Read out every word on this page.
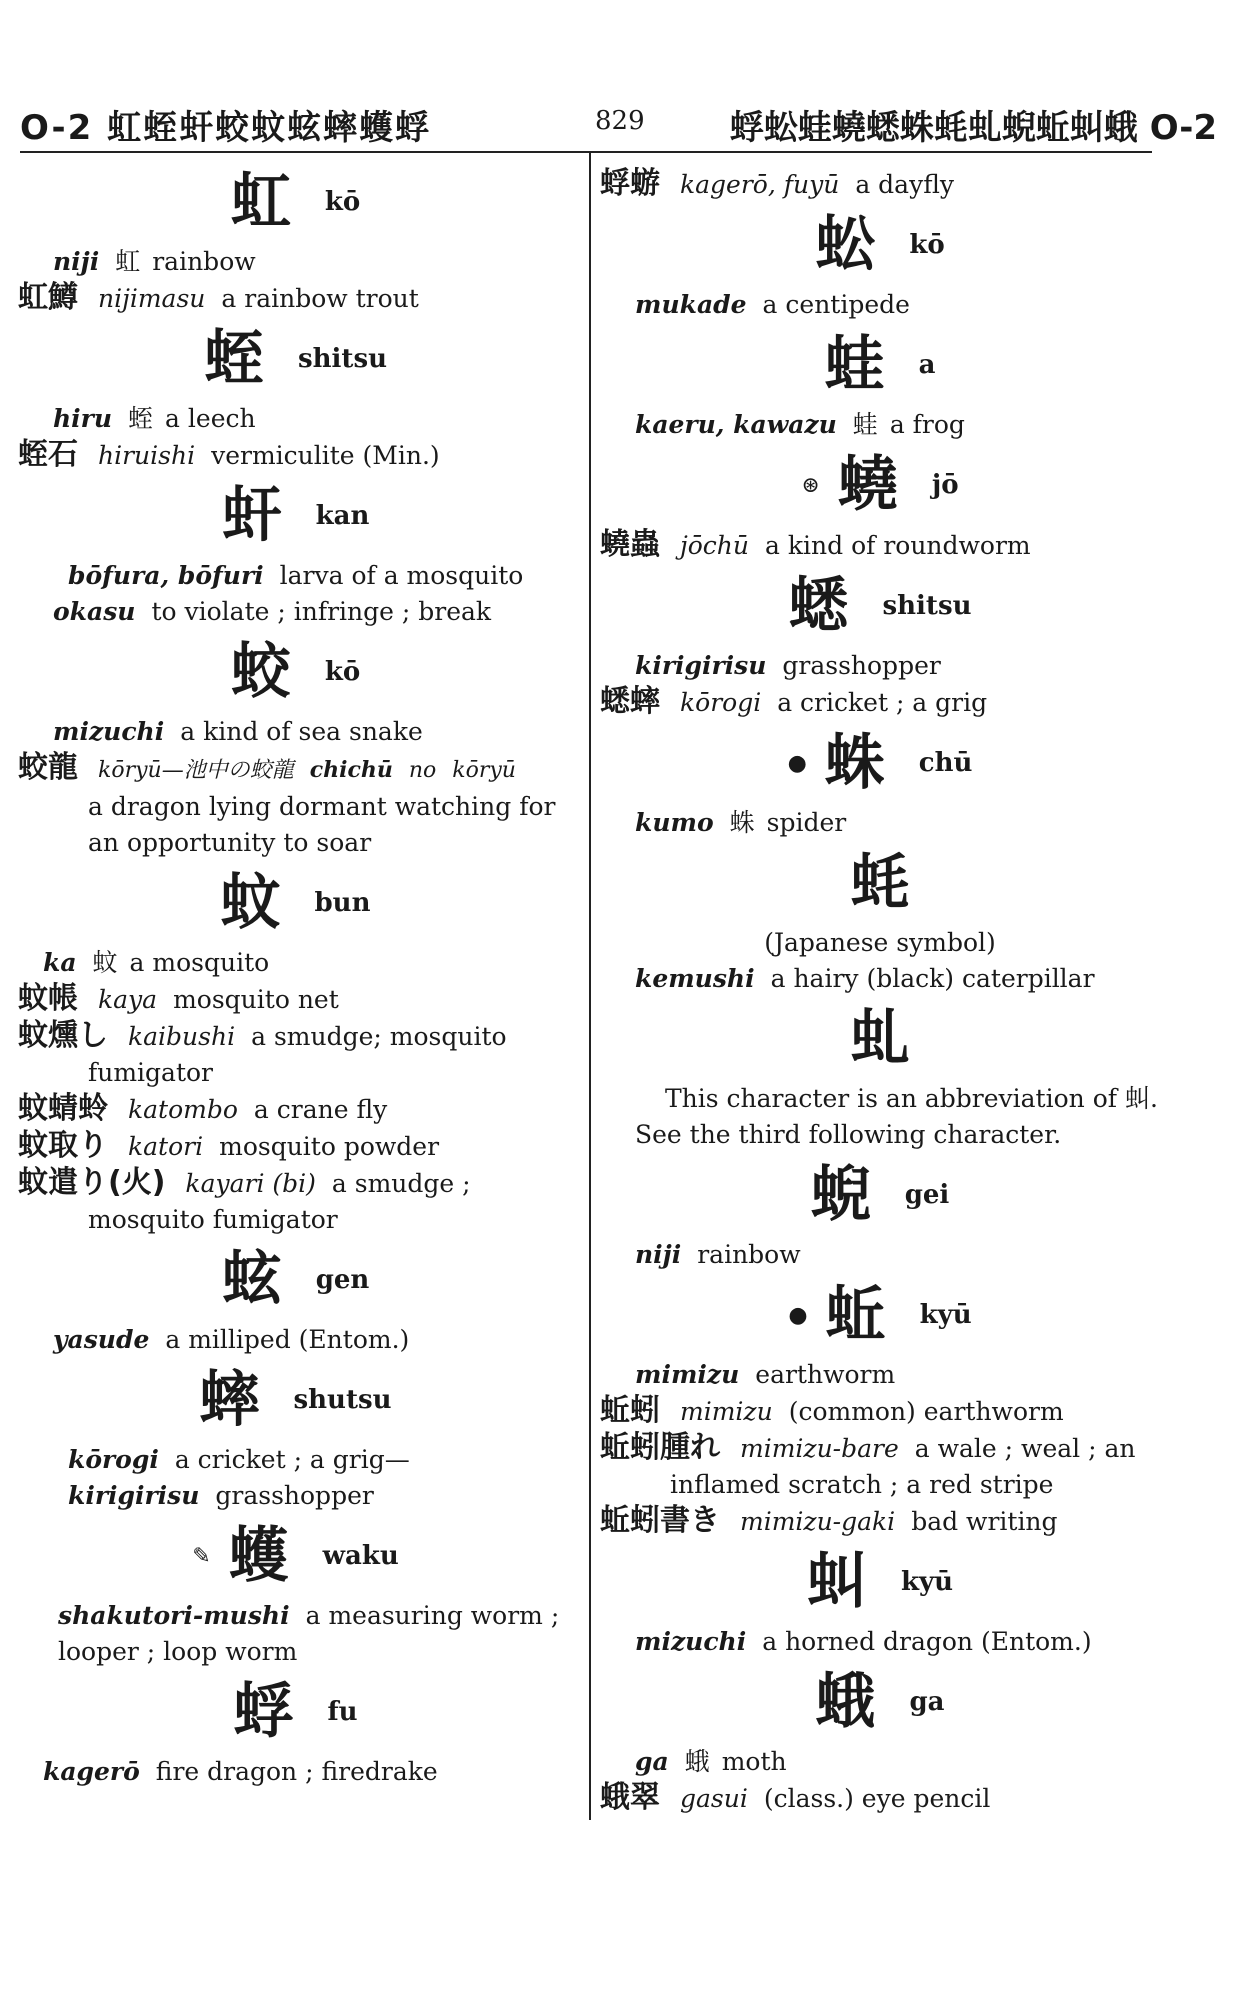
O-2 虹蛭虷蛟蚊蚿蟀蠖蜉	829	蜉蚣蛙蟯蟋蛛蚝虬蜺蚯虯蛾 O-2
虹 kō
niji 虹 rainbow
虹鱒 nijimasu a rainbow trout
蛭 shitsu
hiru 蛭 a leech
蛭石 hiruishi vermiculite (Min.)
虷 kan
bōfura, bōfuri larva of a mosquito
okasu to violate ; infringe ; break
蛟 kō
mizuchi a kind of sea snake
蛟龍 kōryū—池中の蛟龍 chichū no kōryū
a dragon lying dormant watching for an opportunity to soar
蚊 bun
ka 蚊 a mosquito
蚊帳 kaya mosquito net
蚊燻し kaibushi a smudge; mosquito fumigator
蚊蜻蛉 katombo a crane fly
蚊取り katori mosquito powder
蚊遣り(火) kayari (bi) a smudge ; mosquito fumigator
蚿 gen
yasude a milliped (Entom.)
蟀 shutsu
kōrogi a cricket ; a grig—kirigirisu grasshopper
✎ 蠖 waku
shakutori-mushi a measuring worm ; looper ; loop worm
蜉 fu
kagerō fire dragon ; firedrake
蜉蝣 kagerō, fuyū a dayfly
蚣 kō
mukade a centipede
蛙 a
kaeru, kawazu 蛙 a frog
⊛ 蟯 jō
蟯蟲 jōchū a kind of roundworm
蟋 shitsu
kirigirisu grasshopper
蟋蟀 kōrogi a cricket ; a grig
● 蛛 chū
kumo 蛛 spider
蚝
(Japanese symbol)
kemushi a hairy (black) caterpillar
虬
This character is an abbreviation of 虯. See the third following character.
蜺 gei
niji rainbow
● 蚯 kyū
mimizu earthworm
蚯蚓 mimizu (common) earthworm
蚯蚓腫れ mimizu-bare a wale ; weal ; an inflamed scratch ; a red stripe
蚯蚓書き mimizu-gaki bad writing
虯 kyū
mizuchi a horned dragon (Entom.)
蛾 ga
ga 蛾 moth
蛾翠 gasui (class.) eye pencil
